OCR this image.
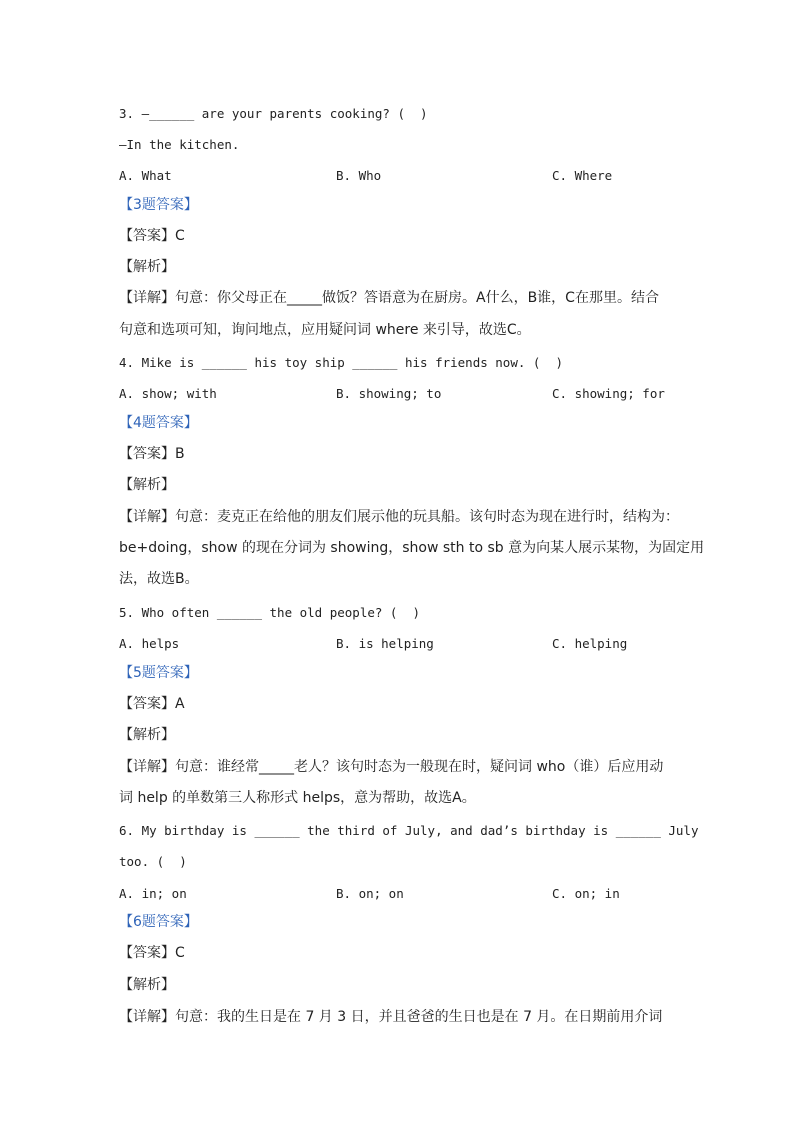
3. —______ are your parents cooking? (  )
—In the kitchen.
A. What	B. Who	C. Where
【3题答案】
【答案】C
【解析】
【详解】句意：你父母正在_____做饭？答语意为在厨房。A什么，B谁，C在那里。结合
句意和选项可知，询问地点，应用疑问词 where 来引导，故选C。
4. Mike is ______ his toy ship ______ his friends now. (  )
A. show; with	B. showing; to	C. showing; for
【4题答案】
【答案】B
【解析】
【详解】句意：麦克正在给他的朋友们展示他的玩具船。该句时态为现在进行时，结构为：
be+doing，show 的现在分词为 showing，show sth to sb 意为向某人展示某物，为固定用
法，故选B。
5. Who often ______ the old people? (  )
A. helps	B. is helping	C. helping
【5题答案】
【答案】A
【解析】
【详解】句意：谁经常_____老人？该句时态为一般现在时，疑问词 who（谁）后应用动
词 help 的单数第三人称形式 helps，意为帮助，故选A。
6. My birthday is ______ the third of July, and dad’s birthday is ______ July
too. (  )
A. in; on	B. on; on	C. on; in
【6题答案】
【答案】C
【解析】
【详解】句意：我的生日是在 7 月 3 日，并且爸爸的生日也是在 7 月。在日期前用介词
